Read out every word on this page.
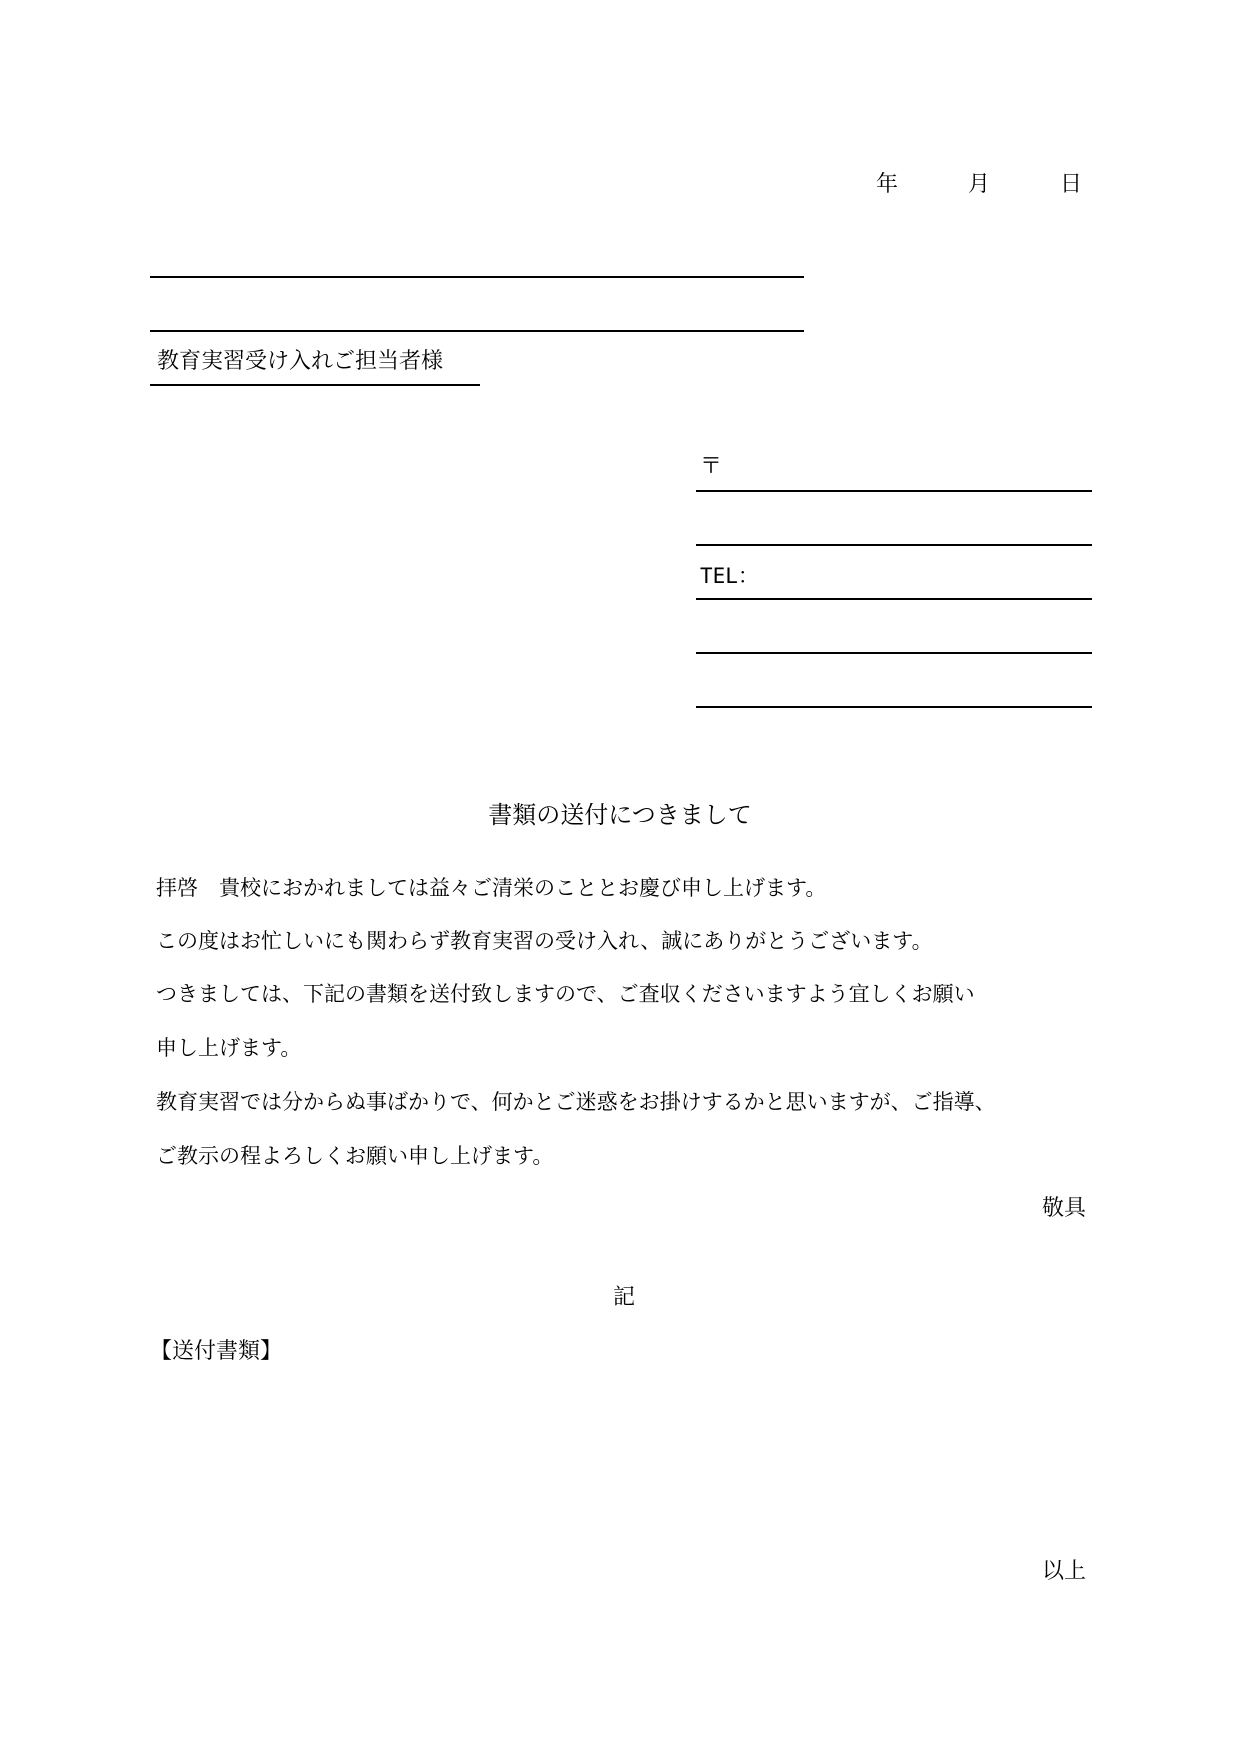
年	月	日
教育実習受け入れご担当者様
〒
TEL：
書類の送付につきまして
拝啓　貴校におかれましては益々ご清栄のこととお慶び申し上げます。
この度はお忙しいにも関わらず教育実習の受け入れ、誠にありがとうございます。
つきましては、下記の書類を送付致しますので、ご査収くださいますよう宜しくお願い
申し上げます。
教育実習では分からぬ事ばかりで、何かとご迷惑をお掛けするかと思いますが、ご指導、
ご教示の程よろしくお願い申し上げます。
敬具
記
【送付書類】
以上
